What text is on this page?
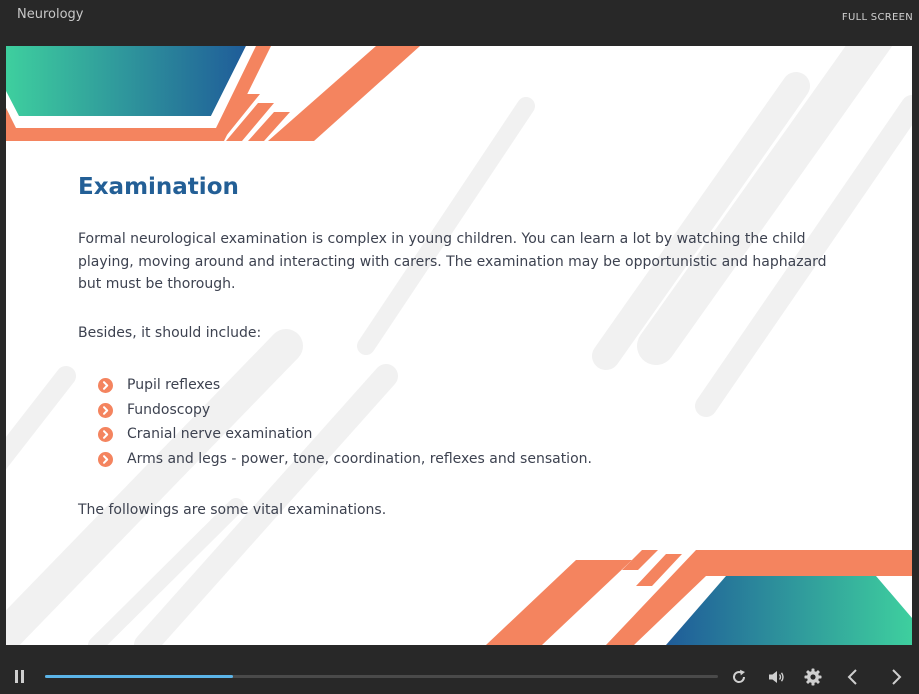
Neurology	FULL SCREEN
Examination

Formal neurological examination is complex in young children. You can learn a lot by watching the child playing, moving around and interacting with carers. The examination may be opportunistic and haphazard but must be thorough.

Besides, it should include:

Pupil reflexes
Fundoscopy
Cranial nerve examination
Arms and legs - power, tone, coordination, reflexes and sensation.

The followings are some vital examinations.
